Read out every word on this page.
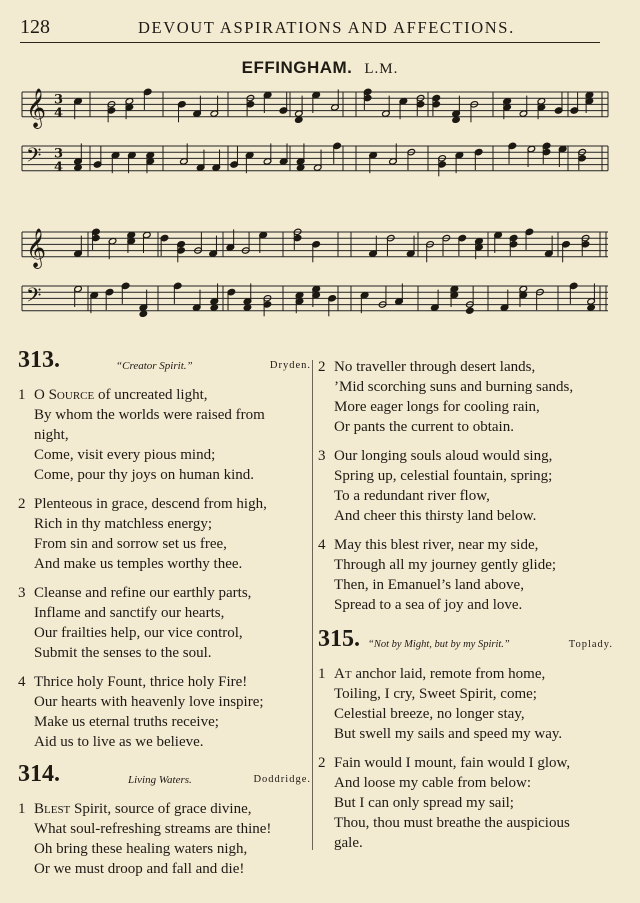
128	DEVOUT ASPIRATIONS AND AFFECTIONS.
EFFINGHAM. L.M.
𝄞 3
4
𝄢 3
4
𝄞
𝄢
313.	“Creator Spirit.”	Dryden.
1 O Source of uncreated light,
By whom the worlds were raised from
night,
Come, visit every pious mind;
Come, pour thy joys on human kind.
2 Plenteous in grace, descend from high,
Rich in thy matchless energy;
From sin and sorrow set us free,
And make us temples worthy thee.
3 Cleanse and refine our earthly parts,
Inflame and sanctify our hearts,
Our frailties help, our vice control,
Submit the senses to the soul.
4 Thrice holy Fount, thrice holy Fire!
Our hearts with heavenly love inspire;
Make us eternal truths receive;
Aid us to live as we believe.
314.	Living Waters.	Doddridge.
1 Blest Spirit, source of grace divine,
What soul-refreshing streams are thine!
Oh bring these healing waters nigh,
Or we must droop and fall and die!
2 No traveller through desert lands,
’Mid scorching suns and burning sands,
More eager longs for cooling rain,
Or pants the current to obtain.
3 Our longing souls aloud would sing,
Spring up, celestial fountain, spring;
To a redundant river flow,
And cheer this thirsty land below.
4 May this blest river, near my side,
Through all my journey gently glide;
Then, in Emanuel’s land above,
Spread to a sea of joy and love.
315. “Not by Might, but by my Spirit.”	Toplady.
1 At anchor laid, remote from home,
Toiling, I cry, Sweet Spirit, come;
Celestial breeze, no longer stay,
But swell my sails and speed my way.
2 Fain would I mount, fain would I glow,
And loose my cable from below:
But I can only spread my sail;
Thou, thou must breathe the auspicious
gale.
